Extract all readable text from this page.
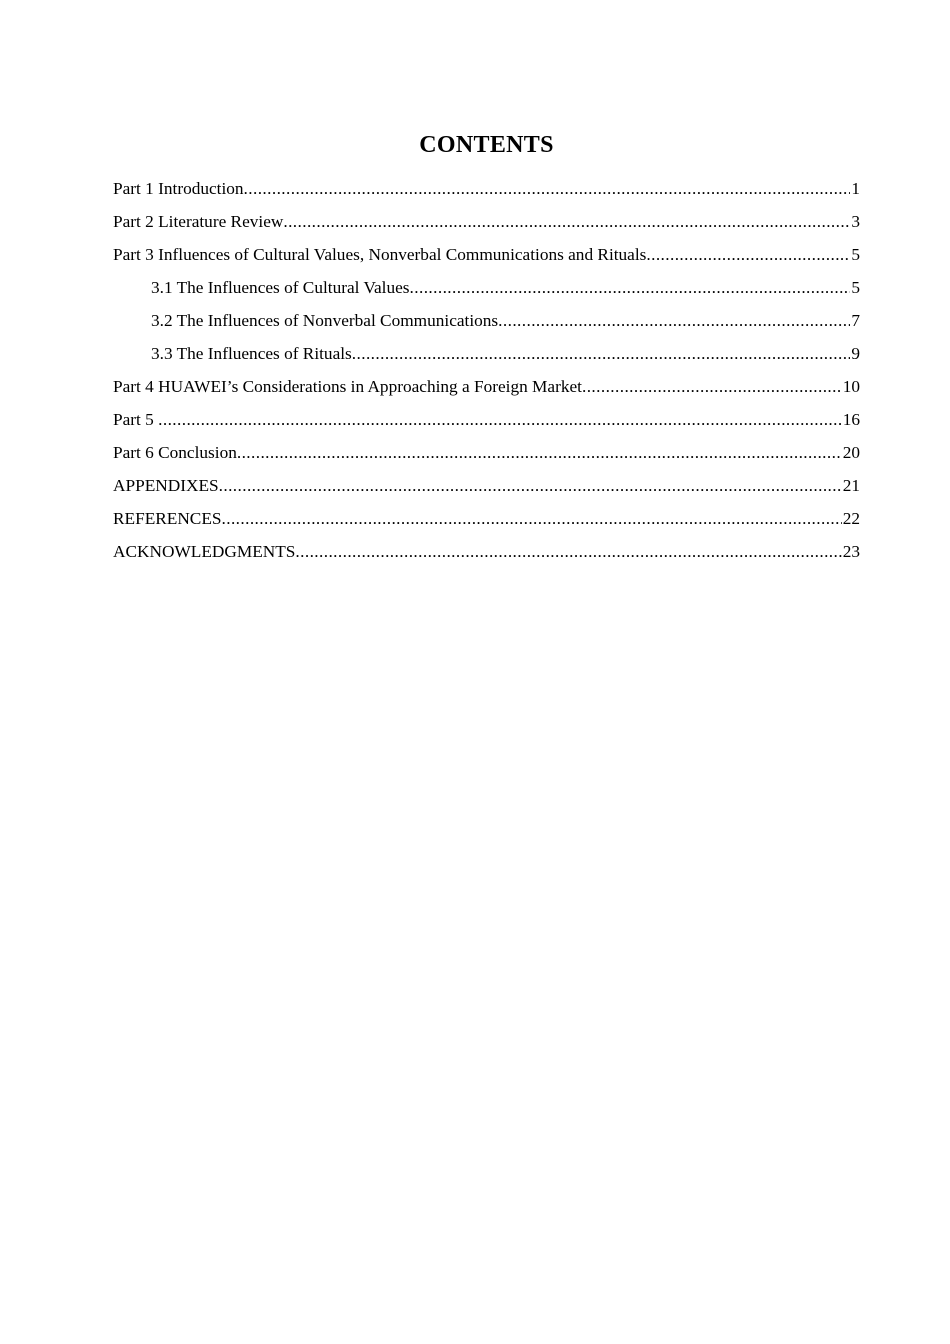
CONTENTS
Part 1 Introduction .....	1
Part 2 Literature Review .....	3
Part 3 Influences of Cultural Values, Nonverbal Communications and Rituals .....	5
3.1 The Influences of Cultural Values .....	5
3.2 The Influences of Nonverbal Communications .....	7
3.3 The Influences of Rituals .....	9
Part 4 HUAWEI’s Considerations in Approaching a Foreign Market .....	10
Part 5 .....	16
Part 6 Conclusion .....	20
APPENDIXES .....	21
REFERENCES .....	22
ACKNOWLEDGMENTS .....	23
